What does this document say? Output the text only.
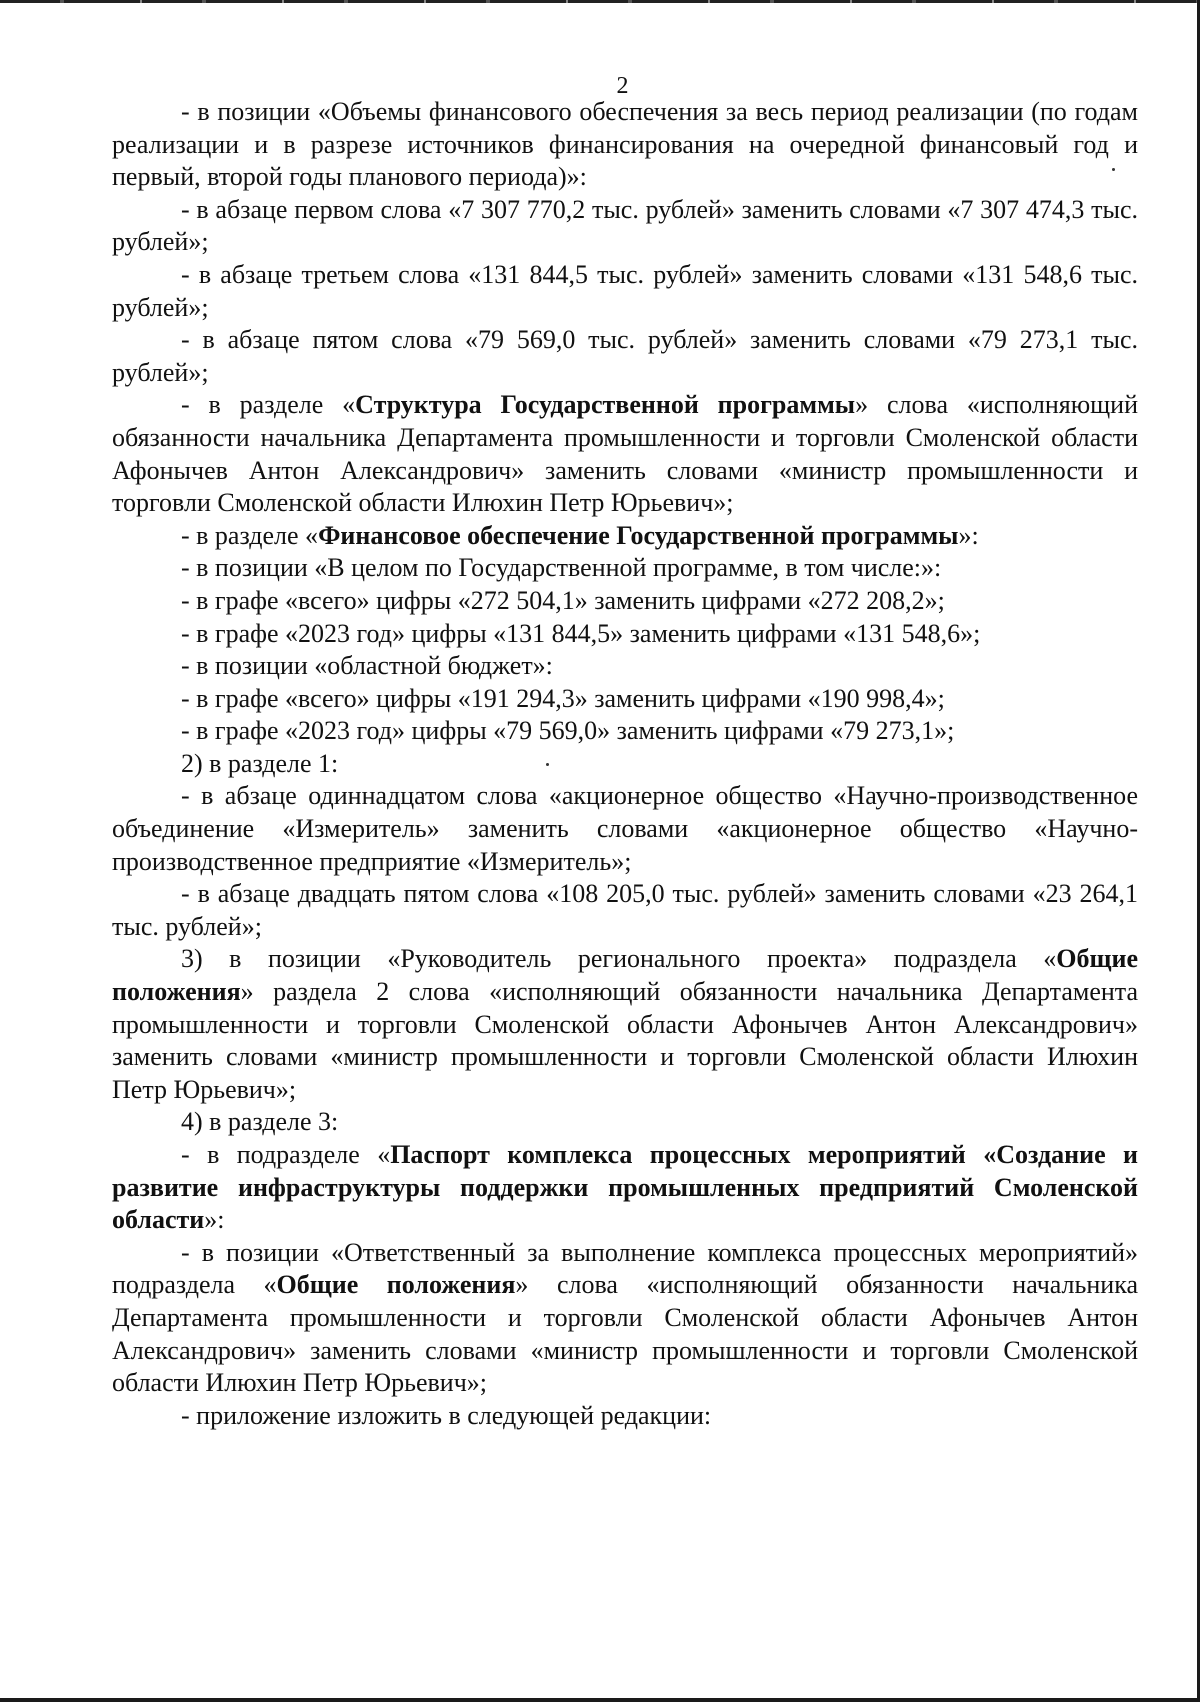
2

- в позиции «Объемы финансового обеспечения за весь период реализации (по годам реализации и в разрезе источников финансирования на очередной финансовый год и первый, второй годы планового периода)»:

- в абзаце первом слова «7 307 770,2 тыс. рублей» заменить словами «7 307 474,3 тыс. рублей»;

- в абзаце третьем слова «131 844,5 тыс. рублей» заменить словами «131 548,6 тыс. рублей»;

- в абзаце пятом слова «79 569,0 тыс. рублей» заменить словами «79 273,1 тыс. рублей»;

- в разделе «Структура Государственной программы» слова «исполняющий обязанности начальника Департамента промышленности и торговли Смоленской области Афонычев Антон Александрович» заменить словами «министр промышленности и торговли Смоленской области Илюхин Петр Юрьевич»;

- в разделе «Финансовое обеспечение Государственной программы»:

- в позиции «В целом по Государственной программе, в том числе:»:

- в графе «всего» цифры «272 504,1» заменить цифрами «272 208,2»;

- в графе «2023 год» цифры «131 844,5» заменить цифрами «131 548,6»;

- в позиции «областной бюджет»:

- в графе «всего» цифры «191 294,3» заменить цифрами «190 998,4»;

- в графе «2023 год» цифры «79 569,0» заменить цифрами «79 273,1»;

2) в разделе 1:

- в абзаце одиннадцатом слова «акционерное общество «Научно-производственное объединение «Измеритель» заменить словами «акционерное общество «Научно-производственное предприятие «Измеритель»;

- в абзаце двадцать пятом слова «108 205,0 тыс. рублей» заменить словами «23 264,1 тыс. рублей»;

3) в позиции «Руководитель регионального проекта» подраздела «Общие положения» раздела 2 слова «исполняющий обязанности начальника Департамента промышленности и торговли Смоленской области Афонычев Антон Александрович» заменить словами «министр промышленности и торговли Смоленской области Илюхин Петр Юрьевич»;

4) в разделе 3:

- в подразделе «Паспорт комплекса процессных мероприятий «Создание и развитие инфраструктуры поддержки промышленных предприятий Смоленской области»:

- в позиции «Ответственный за выполнение комплекса процессных мероприятий» подраздела «Общие положения» слова «исполняющий обязанности начальника Департамента промышленности и торговли Смоленской области Афонычев Антон Александрович» заменить словами «министр промышленности и торговли Смоленской области Илюхин Петр Юрьевич»;

- приложение изложить в следующей редакции:
